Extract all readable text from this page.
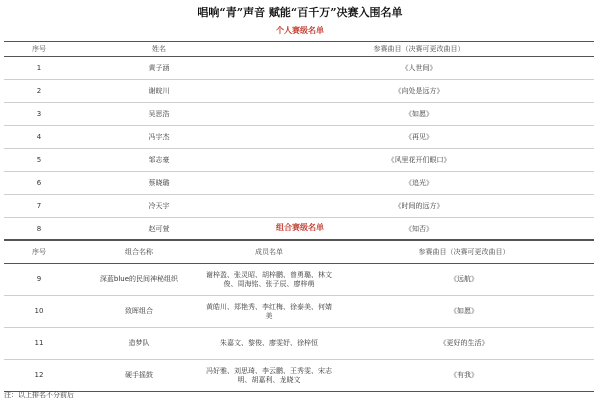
唱响“青”声音 赋能“百千万”决赛入围名单
个人赛级名单
序号	姓名	参赛曲目（决赛可更改曲目）
1	黄子涵	《人世间》
2	谢皖川	《向处是远方》
3	吴思浩	《如愿》
4	冯宇杰	《再见》
5	邹志豪	《风里花开们眼口》
6	蔡晓璐	《追光》
7	冷天宇	《时间的远方》
8	赵可萱	《知否》
组合赛级名单
序号	组合名称	成员名单	参赛曲目（决赛可更改曲目）
9	深蓝blue的民间神秘组织	谢梓盈、张灵昭、胡梓鹏、曾勇璐、林文俊、周海铭、张子辰、廖梓萌	《远航》
10	致晖组合	黄皓川、郑艳秀、李红梅、徐泰美、何婧美	《如愿》
11	造梦队	朱嘉文、黎俊、廖雯妤、徐梓恒	《更好的生活》
12	硬手摇鼓	冯好雅、刘思琦、李云鹏、王秀雯、宋志明、胡嘉利、龙晓文	《有我》
注：以上排名不分前后
